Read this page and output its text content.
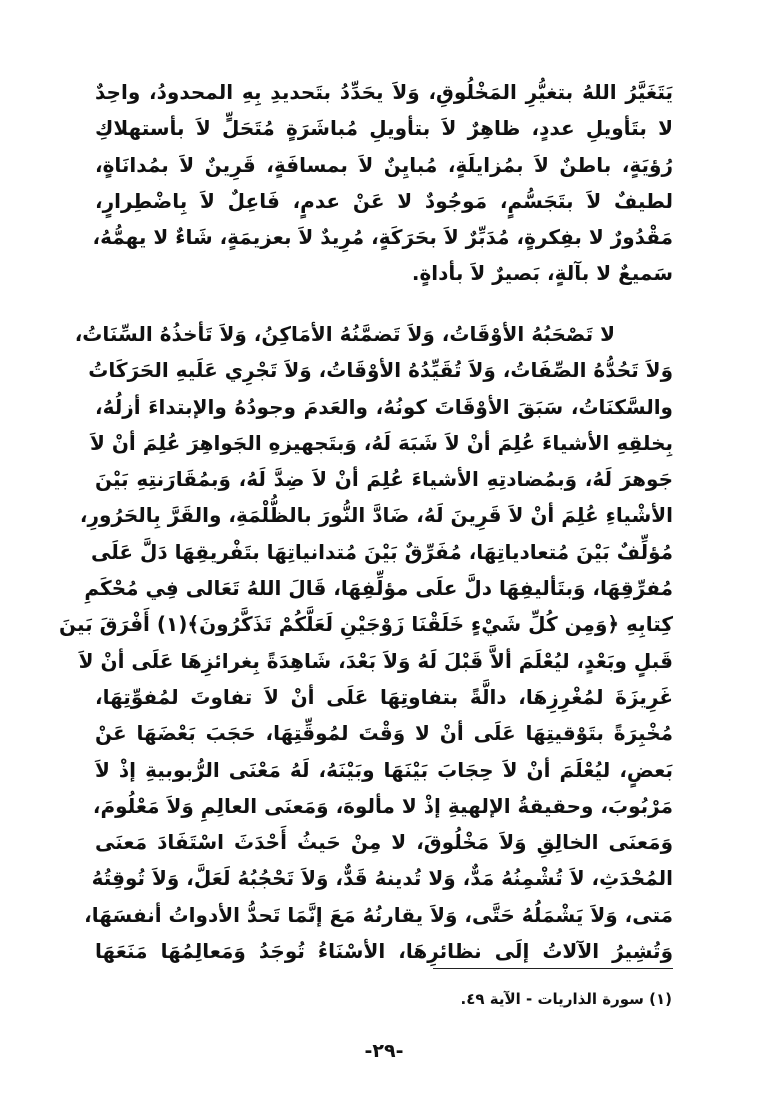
يَتَغَيَّرُ اللهُ بتغيُّرِ المَخْلُوقِ، وَلاَ يحَدِّدُ بتَحديدِ بِهِ المحدودُ، واحِدٌ
لا بتَأويلِ عددٍ، ظاهِرٌ لاَ بتأويلِ مُباشَرَةٍ مُتَحَلٍّ لاَ بأستهلاكِ
رُؤيَةٍ، باطنٌ لاَ بمُزايلَةٍ، مُبايِنٌ لاَ بمسافَةٍ، قَرِينٌ لاَ بمُدانَاةٍ،
لطيفٌ لاَ بتَجَسُّمٍ، مَوجُودٌ لا عَنْ عدمٍ، فَاعِلٌ لاَ بِاضْطِرارٍ،
مَقْدُورٌ لا بفِكرةٍ، مُدَبِّرٌ لاَ بحَرَكَةٍ، مُرِيدٌ لاَ بعزيمَةٍ، شَاءٌ لا يهمُّهُ،
سَميعٌ لا بآلةٍ، بَصيرٌ لاَ بأداةٍ.
لا تَصْحَبُهُ الأوْقَاتُ، وَلاَ تَضمَّنُهُ الأمَاكِنُ، وَلاَ تَأخذُهُ السِّنَاتُ،
وَلاَ تَحُدُّهُ الصِّفَاتُ، وَلاَ تُقَيِّدُهُ الأوْقَاتُ، وَلاَ تَجْرِي عَلَيهِ الحَرَكَاتُ
والسَّكنَاتُ، سَبَقَ الأوْقَاتَ كونُهُ، والعَدمَ وجودُهُ والإبتداءَ أزلُهُ،
بِخلقِهِ الأشياءَ عُلِمَ أنْ لاَ شَبَهَ لَهُ، وَبتَجهيزهِ الجَواهِرَ عُلِمَ أنْ لاَ
جَوهرَ لَهُ، وَبمُضادتِهِ الأشياءَ عُلِمَ أنْ لاَ ضِدَّ لَهُ، وَبمُقَارَنتِهِ بَيْنَ
الأشْياءِ عُلِمَ أنْ لاَ قَرِينَ لَهُ، ضَادَّ النُّورَ بالظُّلْمَةِ، والقَرَّ بِالحَرُورِ،
مُؤلِّفٌ بَيْنَ مُتعادياتِهَا، مُفَرِّقٌ بَيْنَ مُتدانياتِهَا بتَفْريقِهَا دَلَّ عَلَى
مُفرِّقِهَا، وَبتَأليفِهَا دلَّ علَى مؤلِّفِهَا، قَالَ اللهُ تَعَالى فِي مُحْكَمِ
كِتابِهِ ﴿وَمِن كُلِّ شَيْءٍ خَلَقْنَا زَوْجَيْنِ لَعَلَّكُمْ تَذَكَّرُونَ﴾(١) أَفْرَقَ بَينَ
قَبلٍ وبَعْدٍ، ليُعْلَمَ ألاَّ قَبْلَ لَهُ وَلاَ بَعْدَ، شَاهِدَةً بِغرائزِهَا عَلَى أنْ لاَ
غَرِيزَةَ لمُغْرِزِهَا، دالَّةً بتفاوتِهَا عَلَى أنْ لاَ تفاوتَ لمُفوِّتِهَا،
مُخْبِرَةً بتَوْقيتِهَا عَلَى أنْ لا وَقْتَ لمُوقِّتِهَا، حَجَبَ بَعْضَهَا عَنْ
بَعضٍ، ليُعْلَمَ أنْ لاَ حِجَابَ بَيْنَهَا وبَيْنَهُ، لَهُ مَعْنَى الرُّبوبيةِ إذْ لاَ
مَرْبُوبَ، وحقيقةُ الإلهيةِ إذْ لا مألوهَ، وَمَعنَى العالِمِ وَلاَ مَعْلُومَ،
وَمَعنَى الخالِقِ وَلاَ مَخْلُوقَ، لا مِنْ حَيثُ أَحْدَثَ اسْتَفَادَ مَعنَى
المُحْدَثِ، لاَ تُشْمِنُهُ مَدٌّ، وَلا تُدينهُ قَدٌّ، وَلاَ تَحْجُبُهُ لَعَلَّ، وَلاَ تُوقِتُهُ
مَتى، وَلاَ يَشْمَلُهُ حَتَّى، وَلاَ يقارنُهُ مَعَ إنَّمَا تَحدُّ الأدواتُ أنفسَهَا،
وَتُشِيرُ الآلاتُ إلَى نظائرِهَا، الأسْنَاءُ تُوجَدُ وَمَعالِمُهَا مَنَعَهَا
(١) سورة الذاريات - الآية ٤٩.
-٢٩-
